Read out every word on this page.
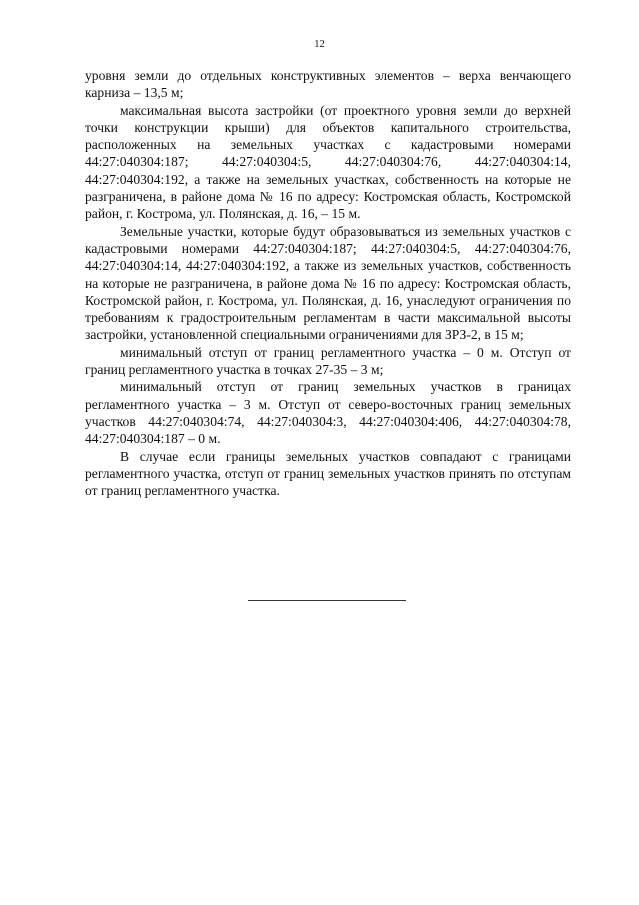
12

уровня земли до отдельных конструктивных элементов – верха венчающего карниза – 13,5 м;

максимальная высота застройки (от проектного уровня земли до верхней точки конструкции крыши) для объектов капитального строительства, расположенных на земельных участках с кадастровыми номерами 44:27:040304:187; 44:27:040304:5, 44:27:040304:76, 44:27:040304:14, 44:27:040304:192, а также на земельных участках, собственность на которые не разграничена, в районе дома № 16 по адресу: Костромская область, Костромской район, г. Кострома, ул. Полянская, д. 16, – 15 м.

Земельные участки, которые будут образовываться из земельных участков с кадастровыми номерами 44:27:040304:187; 44:27:040304:5, 44:27:040304:76, 44:27:040304:14, 44:27:040304:192, а также из земельных участков, собственность на которые не разграничена, в районе дома № 16 по адресу: Костромская область, Костромской район, г. Кострома, ул. Полянская, д. 16, унаследуют ограничения по требованиям к градостроительным регламентам в части максимальной высоты застройки, установленной специальными ограничениями для ЗРЗ-2, в 15 м;

минимальный отступ от границ регламентного участка – 0 м. Отступ от границ регламентного участка в точках 27-35 – 3 м;

минимальный отступ от границ земельных участков в границах регламентного участка – 3 м. Отступ от северо-восточных границ земельных участков 44:27:040304:74, 44:27:040304:3, 44:27:040304:406, 44:27:040304:78, 44:27:040304:187 – 0 м.

В случае если границы земельных участков совпадают с границами регламентного участка, отступ от границ земельных участков принять по отступам от границ регламентного участка.
